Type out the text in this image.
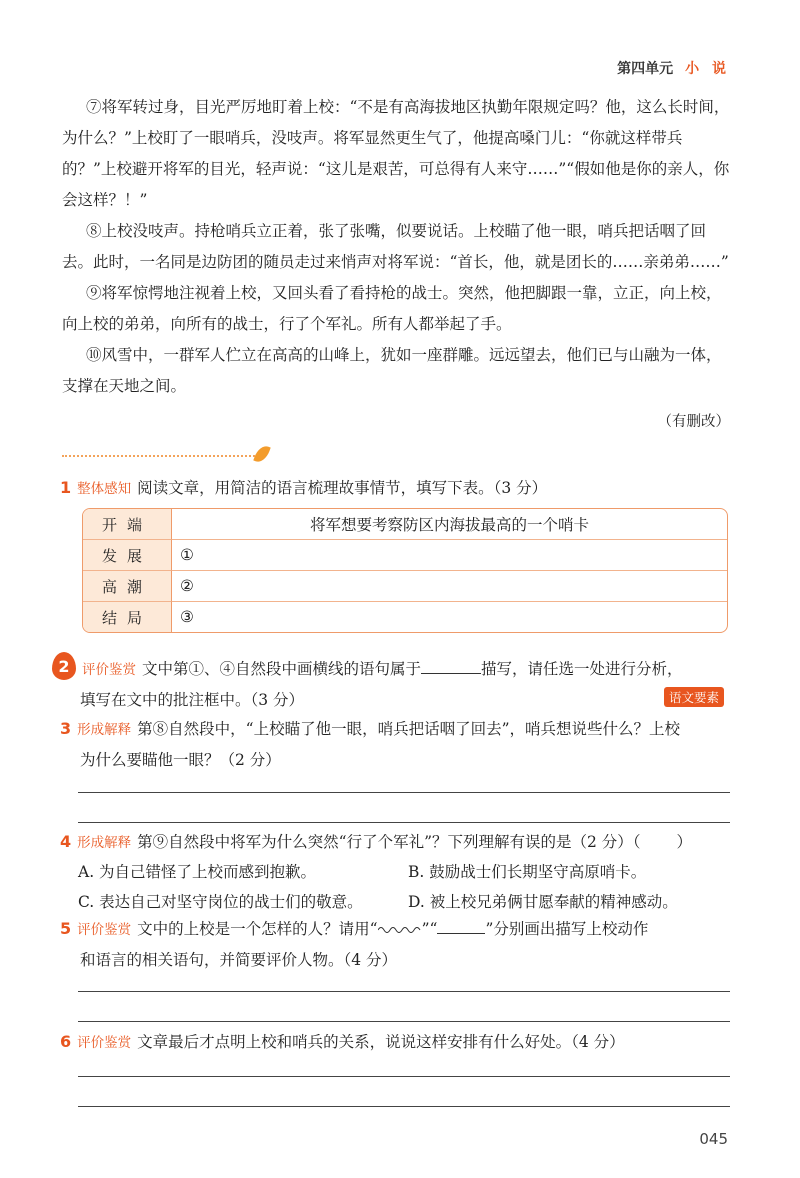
第四单元 小 说

⑦将军转过身，目光严厉地盯着上校：“不是有高海拔地区执勤年限规定吗？他，这么长时间，为什么？”上校盯了一眼哨兵，没吱声。将军显然更生气了，他提高嗓门儿：“你就这样带兵的？”上校避开将军的目光，轻声说：“这儿是艰苦，可总得有人来守……”“假如他是你的亲人，你会这样？！”

⑧上校没吱声。持枪哨兵立正着，张了张嘴，似要说话。上校瞄了他一眼，哨兵把话咽了回去。此时，一名同是边防团的随员走过来悄声对将军说：“首长，他，就是团长的……亲弟弟……”

⑨将军惊愕地注视着上校，又回头看了看持枪的战士。突然，他把脚跟一靠，立正，向上校，向上校的弟弟，向所有的战士，行了个军礼。所有人都举起了手。

⑩风雪中，一群军人伫立在高高的山峰上，犹如一座群雕。远远望去，他们已与山融为一体，支撑在天地之间。

（有删改）
1 整体感知 阅读文章，用简洁的语言梳理故事情节，填写下表。（3 分）
开端	将军想要考察防区内海拔最高的一个哨卡
发展	①
高潮	②
结局	③
2 评价鉴赏 文中第①、④自然段中画横线的语句属于	描写，请任选一处进行分析，
填写在文中的批注框中。（3 分）	语文要素
3 形成解释 第⑧自然段中，“上校瞄了他一眼，哨兵把话咽了回去”，哨兵想说些什么？上校
为什么要瞄他一眼？（2 分）
4 形成解释 第⑨自然段中将军为什么突然“行了个军礼”？下列理解有误的是（2 分）（ ）
A. 为自己错怪了上校而感到抱歉。	B. 鼓励战士们长期坚守高原哨卡。
C. 表达自己对坚守岗位的战士们的敬意。	D. 被上校兄弟俩甘愿奉献的精神感动。
5 评价鉴赏 文中的上校是一个怎样的人？请用“	”“	”分别画出描写上校动作
和语言的相关语句，并简要评价人物。（4 分）
6 评价鉴赏 文章最后才点明上校和哨兵的关系，说说这样安排有什么好处。（4 分）
045
